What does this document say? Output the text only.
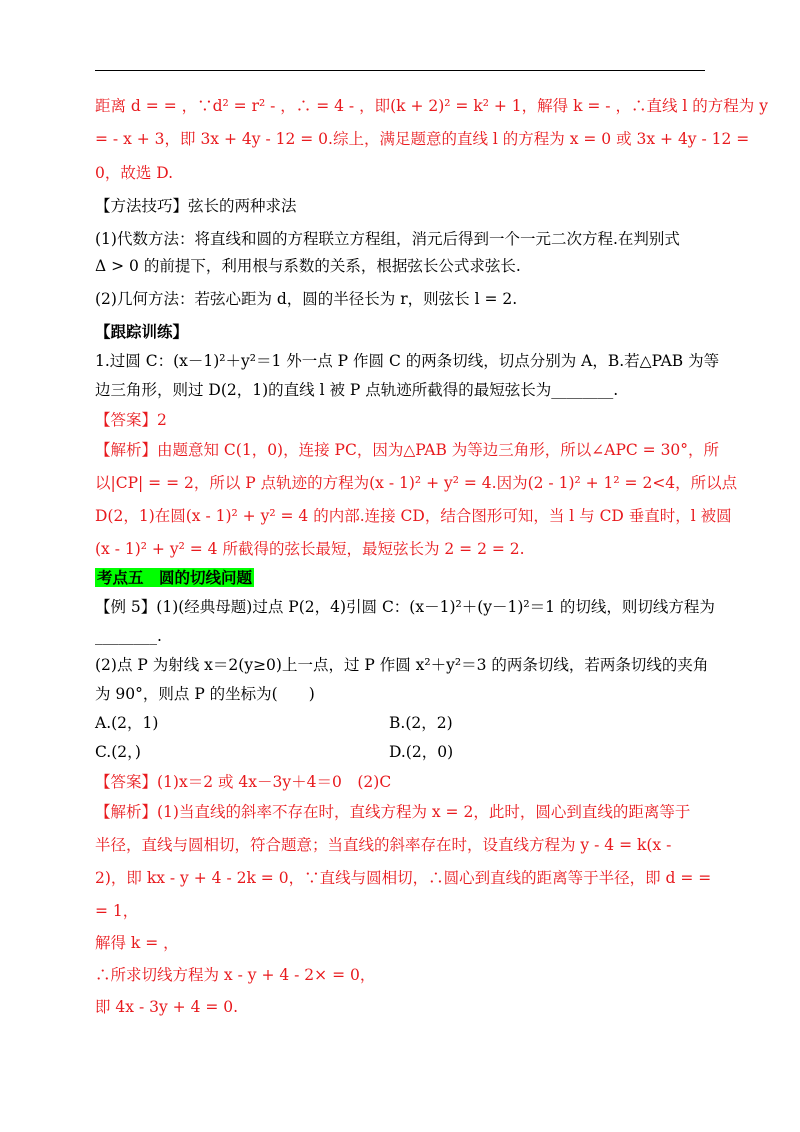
距离 d = = ，∵d² = r² - ，∴ = 4 - ，即(k + 2)² = k² + 1，解得 k = - ，∴直线 l 的方程为 y
= - x + 3，即 3x + 4y - 12 = 0.综上，满足题意的直线 l 的方程为 x = 0 或 3x + 4y - 12 =
0，故选 D.
【方法技巧】弦长的两种求法
(1)代数方法：将直线和圆的方程联立方程组，消元后得到一个一元二次方程.在判别式
Δ > 0 的前提下，利用根与系数的关系，根据弦长公式求弦长.
(2)几何方法：若弦心距为 d，圆的半径长为 r，则弦长 l = 2.
【跟踪训练】
1.过圆 C：(x－1)²＋y²＝1 外一点 P 作圆 C 的两条切线，切点分别为 A，B.若△PAB 为等
边三角形，则过 D(2，1)的直线 l 被 P 点轨迹所截得的最短弦长为________.
【答案】2
【解析】由题意知 C(1，0)，连接 PC，因为△PAB 为等边三角形，所以∠APC = 30°，所
以|CP| = = 2，所以 P 点轨迹的方程为(x - 1)² + y² = 4.因为(2 - 1)² + 1² = 2<4，所以点
D(2，1)在圆(x - 1)² + y² = 4 的内部.连接 CD，结合图形可知，当 l 与 CD 垂直时，l 被圆
(x - 1)² + y² = 4 所截得的弦长最短，最短弦长为 2 = 2 = 2.
考点五　圆的切线问题
【例 5】(1)(经典母题)过点 P(2，4)引圆 C：(x－1)²＋(y－1)²＝1 的切线，则切线方程为
________.
(2)点 P 为射线 x＝2(y≥0)上一点，过 P 作圆 x²＋y²＝3 的两条切线，若两条切线的夹角
为 90°，则点 P 的坐标为(　　)
A.(2，1)	B.(2，2)
C.(2，)	D.(2，0)
【答案】(1)x＝2 或 4x－3y＋4＝0　(2)C
【解析】(1)当直线的斜率不存在时，直线方程为 x = 2，此时，圆心到直线的距离等于
半径，直线与圆相切，符合题意；当直线的斜率存在时，设直线方程为 y - 4 = k(x -
2)，即 kx - y + 4 - 2k = 0，∵直线与圆相切，∴圆心到直线的距离等于半径，即 d = =
= 1，
解得 k = ，
∴所求切线方程为 x - y + 4 - 2× = 0，
即 4x - 3y + 4 = 0.
